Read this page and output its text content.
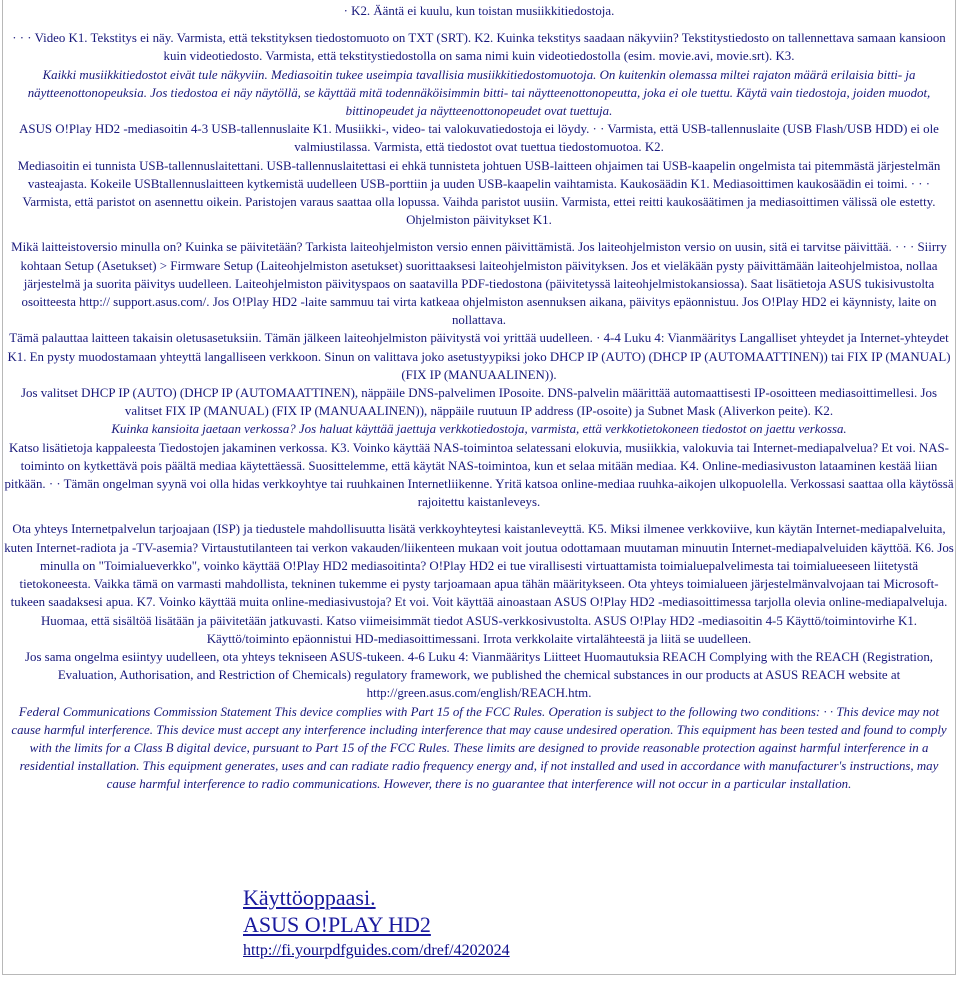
· K2. Ääntä ei kuulu, kun toistan musiikkitiedostoja.

· · · Video K1. Tekstitys ei näy. Varmista, että tekstityksen tiedostomuoto on TXT (SRT). K2. Kuinka tekstitys saadaan näkyviin? Tekstitystiedosto on tallennettava samaan kansioon kuin videotiedosto. Varmista, että tekstitystiedostolla on sama nimi kuin videotiedostolla (esim. movie.avi, movie.srt). K3.

Kaikki musiikkitiedostot eivät tule näkyviin. Mediasoitin tukee useimpia tavallisia musiikkitiedostomuotoja. On kuitenkin olemassa miltei rajaton määrä erilaisia bitti- ja näytteenottonopeuksia. Jos tiedostoa ei näy näytöllä, se käyttää mitä todennäköisimmin bitti- tai näytteenottonopeutta, joka ei ole tuettu. Käytä vain tiedostoja, joiden muodot, bittinopeudet ja näytteenottonopeudet ovat tuettuja.

ASUS O!Play HD2 -mediasoitin 4-3 USB-tallennuslaite K1. Musiikki-, video- tai valokuvatiedostoja ei löydy. · · Varmista, että USB-tallennuslaite (USB Flash/USB HDD) ei ole valmiustilassa. Varmista, että tiedostot ovat tuettua tiedostomuotoa. K2.

Mediasoitin ei tunnista USB-tallennuslaitettani. USB-tallennuslaitettasi ei ehkä tunnisteta johtuen USB-laitteen ohjaimen tai USB-kaapelin ongelmista tai pitemmästä järjestelmän vasteajasta. Kokeile USBtallennuslaitteen kytkemistä uudelleen USB-porttiin ja uuden USB-kaapelin vaihtamista. Kaukosäädin K1. Mediasoittimen kaukosäädin ei toimi. · · · Varmista, että paristot on asennettu oikein. Paristojen varaus saattaa olla lopussa. Vaihda paristot uusiin. Varmista, ettei reitti kaukosäätimen ja mediasoittimen välissä ole estetty. Ohjelmiston päivitykset K1.

Mikä laitteistoversio minulla on? Kuinka se päivitetään? Tarkista laiteohjelmiston versio ennen päivittämistä. Jos laiteohjelmiston versio on uusin, sitä ei tarvitse päivittää. · · · Siirry kohtaan Setup (Asetukset) > Firmware Setup (Laiteohjelmiston asetukset) suorittaaksesi laiteohjelmiston päivityksen. Jos et vieläkään pysty päivittämään laiteohjelmistoa, nollaa järjestelmä ja suorita päivitys uudelleen. Laiteohjelmiston päivityspaos on saatavilla PDF-tiedostona (päivitetyssä laiteohjelmistokansiossa). Saat lisätietoja ASUS tukisivustolta osoitteesta http:// support.asus.com/. Jos O!Play HD2 -laite sammuu tai virta katkeaa ohjelmiston asennuksen aikana, päivitys epäonnistuu. Jos O!Play HD2 ei käynnisty, laite on nollattava.

Tämä palauttaa laitteen takaisin oletusasetuksiin. Tämän jälkeen laiteohjelmiston päivitystä voi yrittää uudelleen. · 4-4 Luku 4: Vianmääritys Langalliset yhteydet ja Internet-yhteydet K1. En pysty muodostamaan yhteyttä langalliseen verkkoon. Sinun on valittava joko asetustyypiksi joko DHCP IP (AUTO) (DHCP IP (AUTOMAATTINEN)) tai FIX IP (MANUAL) (FIX IP (MANUAALINEN)).

Jos valitset DHCP IP (AUTO) (DHCP IP (AUTOMAATTINEN), näppäile DNS-palvelimen IPosoite. DNS-palvelin määrittää automaattisesti IP-osoitteen mediasoittimellesi. Jos valitset FIX IP (MANUAL) (FIX IP (MANUAALINEN)), näppäile ruutuun IP address (IP-osoite) ja Subnet Mask (Aliverkon peite). K2.

Kuinka kansioita jaetaan verkossa? Jos haluat käyttää jaettuja verkkotiedostoja, varmista, että verkkotietokoneen tiedostot on jaettu verkossa.

Katso lisätietoja kappaleesta Tiedostojen jakaminen verkossa. K3. Voinko käyttää NAS-toimintoa selatessani elokuvia, musiikkia, valokuvia tai Internet-mediapalvelua? Et voi. NAS-toiminto on kytkettävä pois päältä mediaa käytettäessä. Suosittelemme, että käytät NAS-toimintoa, kun et selaa mitään mediaa. K4. Online-mediasivuston lataaminen kestää liian pitkään. · · Tämän ongelman syynä voi olla hidas verkkoyhtye tai ruuhkainen Internetliikenne. Yritä katsoa online-mediaa ruuhka-aikojen ulkopuolella. Verkossasi saattaa olla käytössä rajoitettu kaistanleveys.

Ota yhteys Internetpalvelun tarjoajaan (ISP) ja tiedustele mahdollisuutta lisätä verkkoyhteytesi kaistanleveyttä. K5. Miksi ilmenee verkkoviive, kun käytän Internet-mediapalveluita, kuten Internet-radiota ja -TV-asemia? Virtaustutilanteen tai verkon vakauden/liikenteen mukaan voit joutua odottamaan muutaman minuutin Internet-mediapalveluiden käyttöä. K6. Jos minulla on "Toimialueverkko", voinko käyttää O!Play HD2 mediasoitinta? O!Play HD2 ei tue virallisesti virtuattamista toimialuepalvelimesta tai toimialueeseen liitetystä tietokoneesta. Vaikka tämä on varmasti mahdollista, tekninen tukemme ei pysty tarjoamaan apua tähän määritykseen. Ota yhteys toimialueen järjestelmänvalvojaan tai Microsoft-tukeen saadaksesi apua. K7. Voinko käyttää muita online-mediasivustoja? Et voi. Voit käyttää ainoastaan ASUS O!Play HD2 -mediasoittimessa tarjolla olevia online-mediapalveluja.

Huomaa, että sisältöä lisätään ja päivitetään jatkuvasti. Katso viimeisimmät tiedot ASUS-verkkosivustolta. ASUS O!Play HD2 -mediasoitin 4-5 Käyttö/toimintovirhe K1. Käyttö/toiminto epäonnistui HD-mediasoittimessani. Irrota verkkolaite virtalähteestä ja liitä se uudelleen.

Jos sama ongelma esiintyy uudelleen, ota yhteys tekniseen ASUS-tukeen. 4-6 Luku 4: Vianmääritys Liitteet Huomautuksia REACH Complying with the REACH (Registration, Evaluation, Authorisation, and Restriction of Chemicals) regulatory framework, we published the chemical substances in our products at ASUS REACH website at http://green.asus.com/english/REACH.htm.

Federal Communications Commission Statement This device complies with Part 15 of the FCC Rules. Operation is subject to the following two conditions: · · This device may not cause harmful interference. This device must accept any interference including interference that may cause undesired operation. This equipment has been tested and found to comply with the limits for a Class B digital device, pursuant to Part 15 of the FCC Rules. These limits are designed to provide reasonable protection against harmful interference in a residential installation. This equipment generates, uses and can radiate radio frequency energy and, if not installed and used in accordance with manufacturer's instructions, may cause harmful interference to radio communications. However, there is no guarantee that interference will not occur in a particular installation.

Käyttöoppaasi.
ASUS O!PLAY HD2
http://fi.yourpdfguides.com/dref/4202024
